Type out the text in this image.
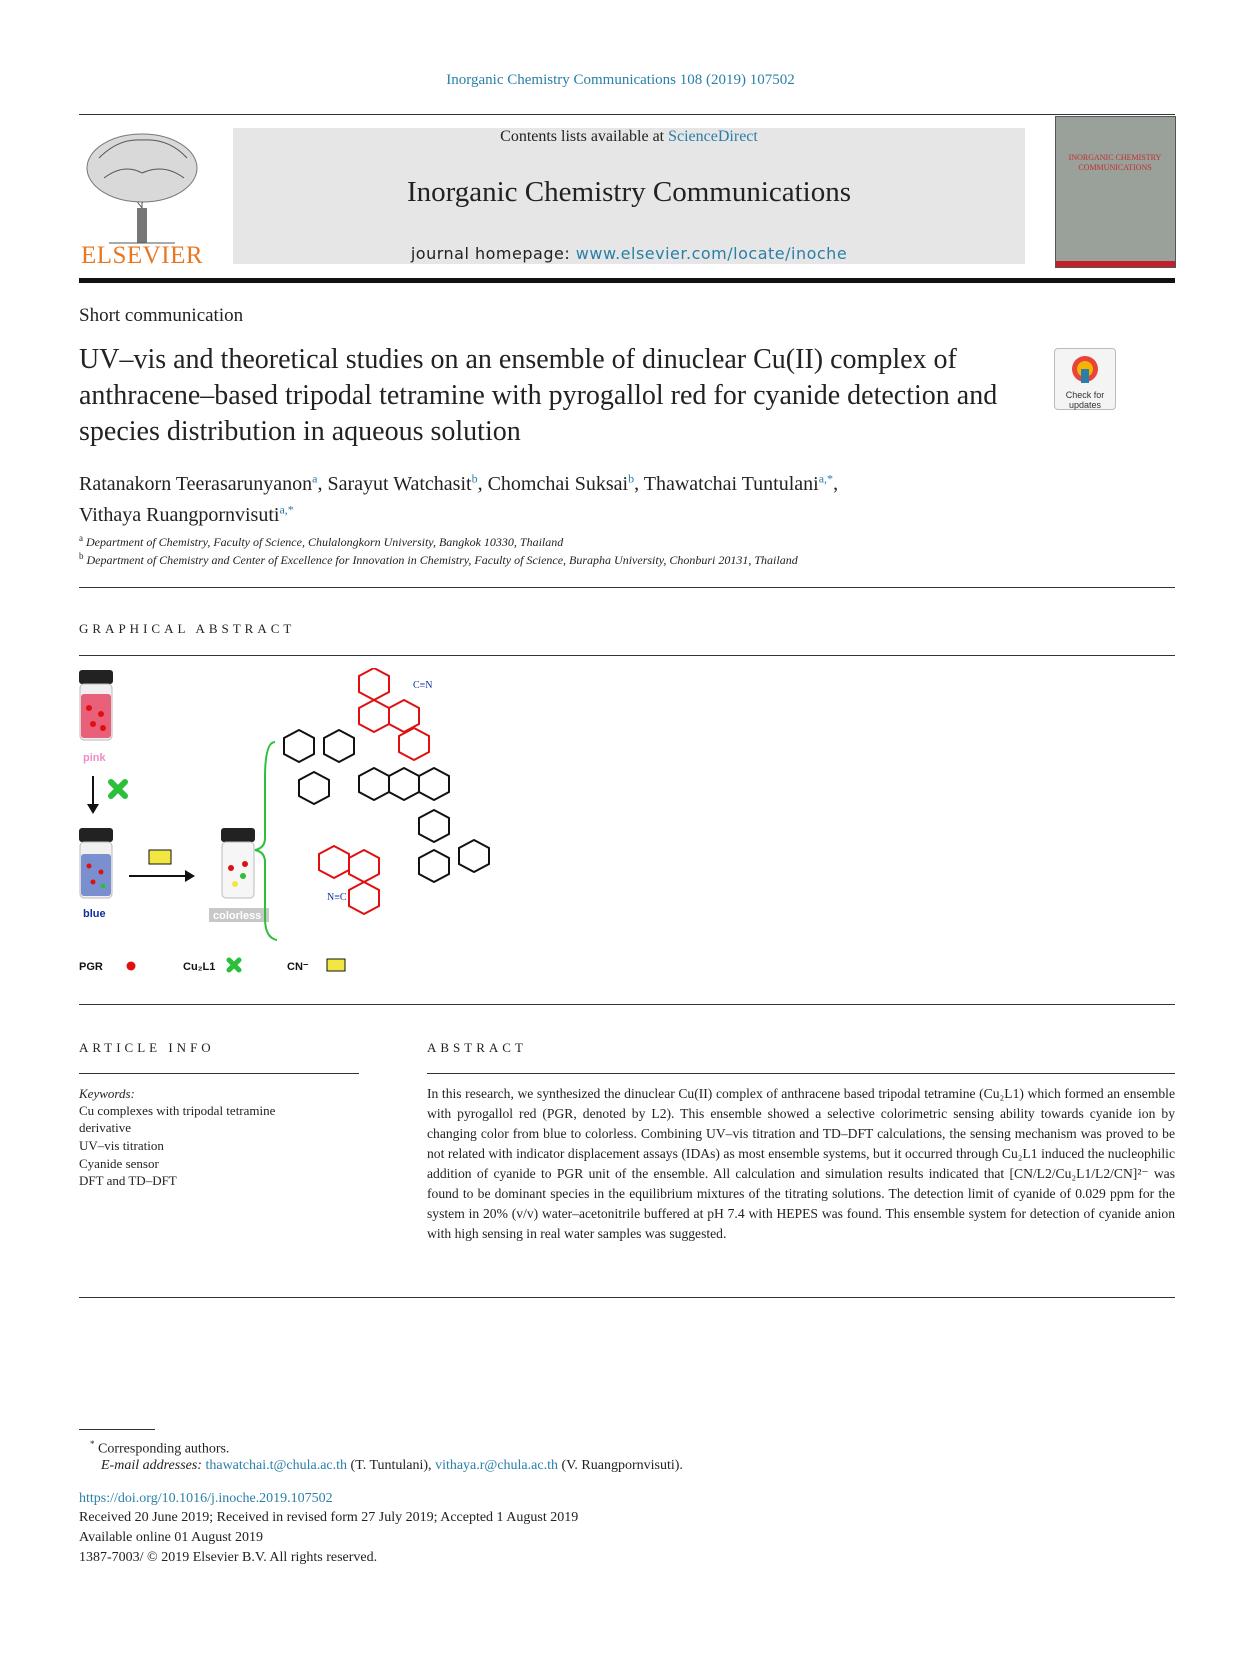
Inorganic Chemistry Communications 108 (2019) 107502
ELSEVIER
Contents lists available at ScienceDirect
Inorganic Chemistry Communications
journal homepage: www.elsevier.com/locate/inoche
INORGANIC CHEMISTRY COMMUNICATIONS
Short communication
UV–vis and theoretical studies on an ensemble of dinuclear Cu(II) complex of anthracene–based tripodal tetramine with pyrogallol red for cyanide detection and species distribution in aqueous solution
Check for updates
Ratanakorn Teerasarunyanon$^a$, Sarayut Watchasit$^b$, Chomchai Suksai$^b$, Thawatchai Tuntulani$^{a,*}$,
Vithaya Ruangpornvisuti$^{a,*}$
$^a$ Department of Chemistry, Faculty of Science, Chulalongkorn University, Bangkok 10330, Thailand
$^b$ Department of Chemistry and Center of Excellence for Innovation in Chemistry, Faculty of Science, Burapha University, Chonburi 20131, Thailand
GRAPHICAL ABSTRACT
pink
blue	colorless
C≡N
N≡C
PGR	Cu₂L1	CN⁻
ARTICLE INFO
Keywords:
Cu complexes with tripodal tetramine
derivative
UV–vis titration
Cyanide sensor
DFT and TD–DFT
ABSTRACT
In this research, we synthesized the dinuclear Cu(II) complex of anthracene based tripodal tetramine (Cu₂L1) which formed an ensemble with pyrogallol red (PGR, denoted by L2). This ensemble showed a selective colorimetric sensing ability towards cyanide ion by changing color from blue to colorless. Combining UV–vis titration and TD–DFT calculations, the sensing mechanism was proved to be not related with indicator displacement assays (IDAs) as most ensemble systems, but it occurred through Cu₂L1 induced the nucleophilic addition of cyanide to PGR unit of the ensemble. All calculation and simulation results indicated that [CN/L2/Cu₂L1/L2/CN]²⁻ was found to be dominant species in the equilibrium mixtures of the titrating solutions. The detection limit of cyanide of 0.029 ppm for the system in 20% (v/v) water–acetonitrile buffered at pH 7.4 with HEPES was found. This ensemble system for detection of cyanide anion with high sensing in real water samples was suggested.
* Corresponding authors.
E-mail addresses: thawatchai.t@chula.ac.th (T. Tuntulani), vithaya.r@chula.ac.th (V. Ruangpornvisuti).
https://doi.org/10.1016/j.inoche.2019.107502
Received 20 June 2019; Received in revised form 27 July 2019; Accepted 1 August 2019
Available online 01 August 2019
1387-7003/ © 2019 Elsevier B.V. All rights reserved.
